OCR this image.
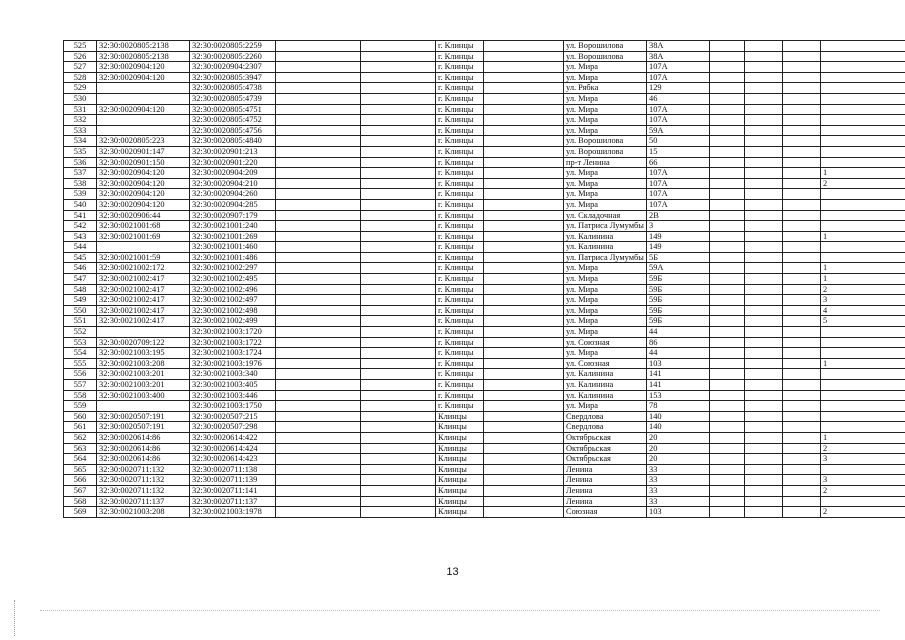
525	32:30:0020805:2138	32:30:0020805:2259			г. Клинцы		ул. Ворошилова	38А				
526	32:30:0020805:2138	32:30:0020805:2260			г. Клинцы		ул. Ворошилова	38А				
527	32:30:0020904:120	32:30:0020904:2307			г. Клинцы		ул. Мира	107А				
528	32:30:0020904:120	32:30:0020805:3947			г. Клинцы		ул. Мира	107А				
529		32:30:0020805:4738			г. Клинцы		ул. Рябка	129				
530		32:30:0020805:4739			г. Клинцы		ул. Мира	46				
531	32:30:0020904:120	32:30:0020805:4751			г. Клинцы		ул. Мира	107А				
532		32:30:0020805:4752			г. Клинцы		ул. Мира	107А				
533		32:30:0020805:4756			г. Клинцы		ул. Мира	59А				
534	32:30:0020805:223	32:30:0020805:4840			г. Клинцы		ул. Ворошилова	50				
535	32:30:0020901:147	32:30:0020901:213			г. Клинцы		ул. Ворошилова	15				
536	32:30:0020901:150	32:30:0020901:220			г. Клинцы		пр-т Ленина	66				
537	32:30:0020904:120	32:30:0020904:209			г. Клинцы		ул. Мира	107А				1
538	32:30:0020904:120	32:30:0020904:210			г. Клинцы		ул. Мира	107А				2
539	32:30:0020904:120	32:30:0020904:260			г. Клинцы		ул. Мира	107А				
540	32:30:0020904:120	32:30:0020904:285			г. Клинцы		ул. Мира	107А				
541	32:30:0020906:44	32:30:0020907:179			г. Клинцы		ул. Складочная	2В				
542	32:30:0021001:68	32:30:0021001:240			г. Клинцы		ул. Патриса Лумумбы	3				
543	32:30:0021001:69	32:30:0021001:269			г. Клинцы		ул. Калинина	149				1
544		32:30:0021001:460			г. Клинцы		ул. Калинина	149				
545	32:30:0021001:59	32:30:0021001:486			г. Клинцы		ул. Патриса Лумумбы	5Б				
546	32:30:0021002:172	32:30:0021002:297			г. Клинцы		ул. Мира	59А				1
547	32:30:0021002:417	32:30:0021002:495			г. Клинцы		ул. Мира	59Б				1
548	32:30:0021002:417	32:30:0021002:496			г. Клинцы		ул. Мира	59Б				2
549	32:30:0021002:417	32:30:0021002:497			г. Клинцы		ул. Мира	59Б				3
550	32:30:0021002:417	32:30:0021002:498			г. Клинцы		ул. Мира	59Б				4
551	32:30:0021002:417	32:30:0021002:499			г. Клинцы		ул. Мира	59Б				5
552		32:30:0021003:1720			г. Клинцы		ул. Мира	44				
553	32:30:0020709:122	32:30:0021003:1722			г. Клинцы		ул. Союзная	86				
554	32:30:0021003:195	32:30:0021003:1724			г. Клинцы		ул. Мира	44				
555	32:30:0021003:208	32:30:0021003:1976			г. Клинцы		ул. Союзная	103				1
556	32:30:0021003:201	32:30:0021003:340			г. Клинцы		ул. Калинина	141				
557	32:30:0021003:201	32:30:0021003:405			г. Клинцы		ул. Калинина	141				
558	32:30:0021003:400	32:30:0021003:446			г. Клинцы		ул. Калинина	153				
559		32:30:0021003:1750			г. Клинцы		ул. Мира	78				
560	32:30:0020507:191	32:30:0020507:215			Клинцы		Свердлова	140				
561	32:30:0020507:191	32:30:0020507:298			Клинцы		Свердлова	140				
562	32:30:0020614:86	32:30:0020614:422			Клинцы		Октябрьская	20				1
563	32:30:0020614:86	32:30:0020614:424			Клинцы		Октябрьская	20				2
564	32:30:0020614:86	32:30:0020614:423			Клинцы		Октябрьская	20				3
565	32:30:0020711:132	32:30:0020711:138			Клинцы		Ленина	33				
566	32:30:0020711:132	32:30:0020711:139			Клинцы		Ленина	33				3
567	32:30:0020711:132	32:30:0020711:141			Клинцы		Ленина	33				2
568	32:30:0020711:137	32:30:0020711:137			Клинцы		Ленина	33				
569	32:30:0021003:208	32:30:0021003:1978			Клинцы		Союзная	103				2
13
